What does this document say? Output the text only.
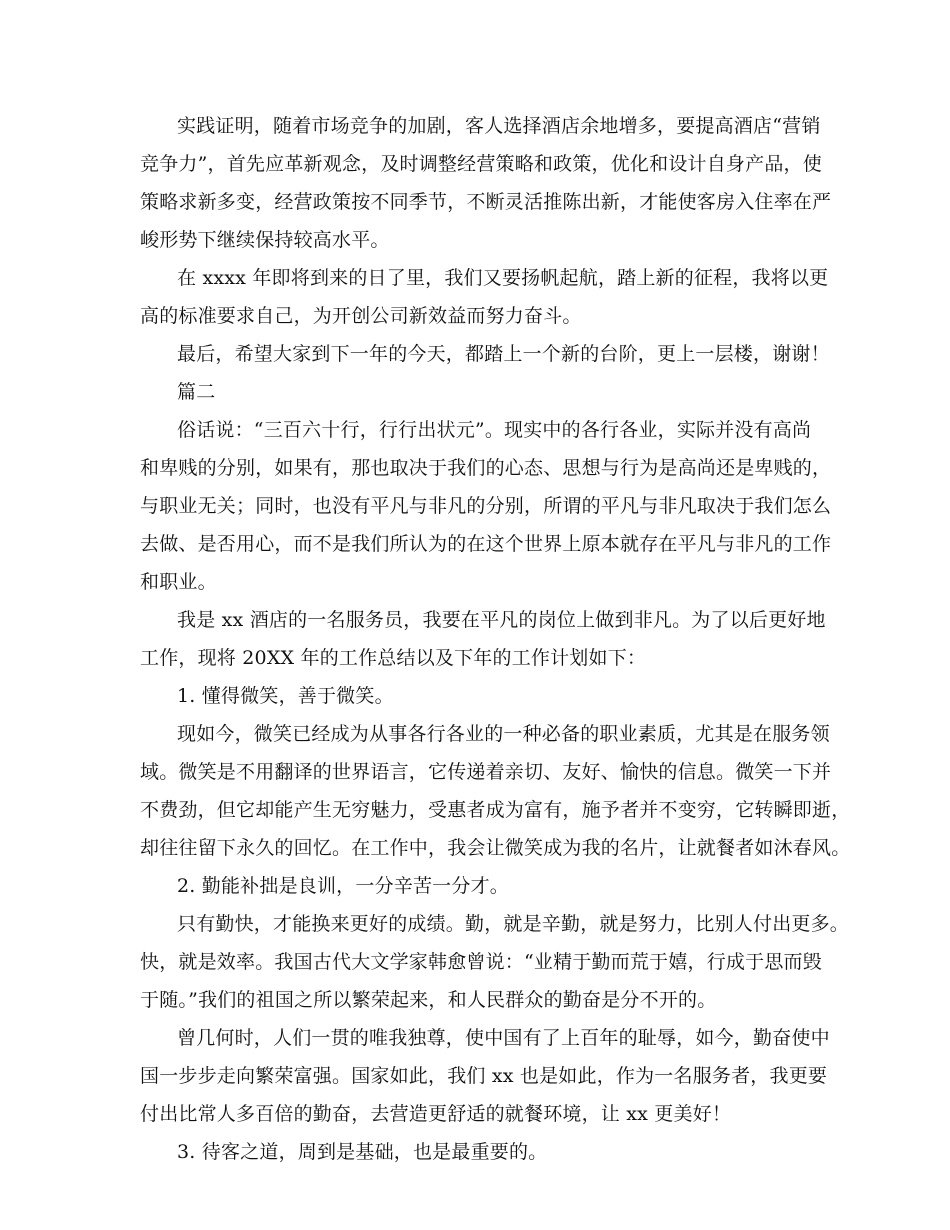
实践证明，随着市场竞争的加剧，客人选择酒店余地增多，要提高酒店“营销
竞争力”，首先应革新观念，及时调整经营策略和政策，优化和设计自身产品，使
策略求新多变，经营政策按不同季节，不断灵活推陈出新，才能使客房入住率在严
峻形势下继续保持较高水平。
在 xxxx 年即将到来的日了里，我们又要扬帆起航，踏上新的征程，我将以更
高的标准要求自己，为开创公司新效益而努力奋斗。
最后，希望大家到下一年的今天，都踏上一个新的台阶，更上一层楼，谢谢！
篇二
俗话说：“三百六十行，行行出状元”。现实中的各行各业，实际并没有高尚
和卑贱的分别，如果有，那也取决于我们的心态、思想与行为是高尚还是卑贱的，
与职业无关；同时，也没有平凡与非凡的分别，所谓的平凡与非凡取决于我们怎么
去做、是否用心，而不是我们所认为的在这个世界上原本就存在平凡与非凡的工作
和职业。
我是 xx 酒店的一名服务员，我要在平凡的岗位上做到非凡。为了以后更好地
工作，现将 20XX 年的工作总结以及下年的工作计划如下：
1. 懂得微笑，善于微笑。
现如今，微笑已经成为从事各行各业的一种必备的职业素质，尤其是在服务领
域。微笑是不用翻译的世界语言，它传递着亲切、友好、愉快的信息。微笑一下并
不费劲，但它却能产生无穷魅力，受惠者成为富有，施予者并不变穷，它转瞬即逝，
却往往留下永久的回忆。在工作中，我会让微笑成为我的名片，让就餐者如沐春风。
2. 勤能补拙是良训，一分辛苦一分才。
只有勤快，才能换来更好的成绩。勤，就是辛勤，就是努力，比别人付出更多。
快，就是效率。我国古代大文学家韩愈曾说：“业精于勤而荒于嬉，行成于思而毁
于随。”我们的祖国之所以繁荣起来，和人民群众的勤奋是分不开的。
曾几何时，人们一贯的唯我独尊，使中国有了上百年的耻辱，如今，勤奋使中
国一步步走向繁荣富强。国家如此，我们 xx 也是如此，作为一名服务者，我更要
付出比常人多百倍的勤奋，去营造更舒适的就餐环境，让 xx 更美好！
3. 待客之道，周到是基础，也是最重要的。
